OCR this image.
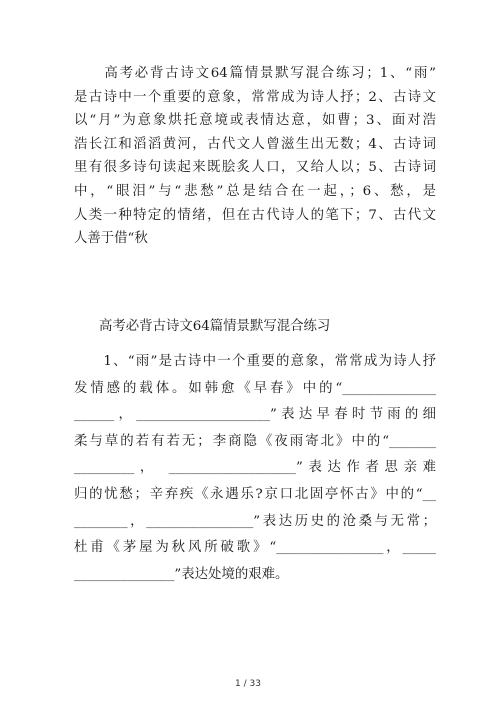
　　高考必背古诗文64篇情景默写混合练习；1、“雨”
是古诗中一个重要的意象，常常成为诗人抒；2、古诗文
以“月”为意象烘托意境或表情达意，如曹；3、面对浩
浩长江和滔滔黄河，古代文人曾滋生出无数；4、古诗词
里有很多诗句读起来既脍炙人口，又给人以；5、古诗词
中，“眼泪”与“悲愁”总是结合在一起，；6、愁，是
人类一种特定的情绪，但在古代诗人的笔下；7、古代文
人善于借“秋
高考必背古诗文64篇情景默写混合练习
　　1、“雨”是古诗中一个重要的意象，常常成为诗人抒
发情感的载体。如韩愈《早春》中的“______________
______，____________________”表达早春时节雨的细
柔与草的若有若无；李商隐《夜雨寄北》中的“_______
_________， ___________________”表达作者思亲难
归的忧愁；辛弃疾《永遇乐?京口北固亭怀古》中的“__
________，________________”表达历史的沧桑与无常；
杜甫《茅屋为秋风所破歌》“________________，_____
_______________”表达处境的艰难。
1 / 33
